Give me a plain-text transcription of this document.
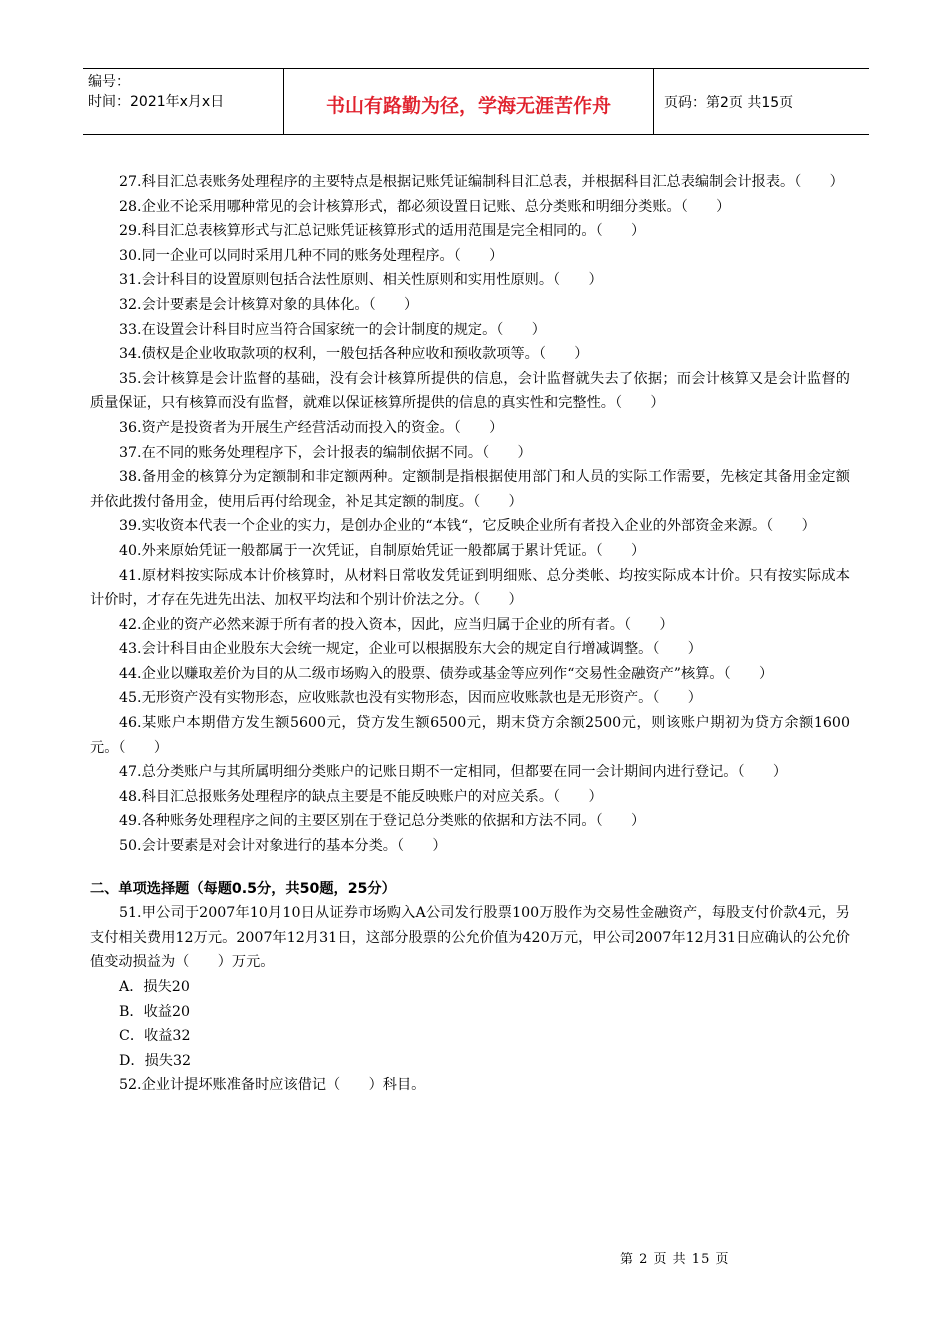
编号：
时间：2021年x月x日	书山有路勤为径，学海无涯苦作舟	页码：第2页 共15页
27.科目汇总表账务处理程序的主要特点是根据记账凭证编制科目汇总表，并根据科目汇总表编制会计报表。（　　）
28.企业不论采用哪种常见的会计核算形式，都必须设置日记账、总分类账和明细分类账。（　　）
29.科目汇总表核算形式与汇总记账凭证核算形式的适用范围是完全相同的。（　　）
30.同一企业可以同时采用几种不同的账务处理程序。（　　）
31.会计科目的设置原则包括合法性原则、相关性原则和实用性原则。（　　）
32.会计要素是会计核算对象的具体化。（　　）
33.在设置会计科目时应当符合国家统一的会计制度的规定。（　　）
34.债权是企业收取款项的权利，一般包括各种应收和预收款项等。（　　）
35.会计核算是会计监督的基础，没有会计核算所提供的信息，会计监督就失去了依据；而会计核算又是会计监督的质量保证，只有核算而没有监督，就难以保证核算所提供的信息的真实性和完整性。（　　）
36.资产是投资者为开展生产经营活动而投入的资金。（　　）
37.在不同的账务处理程序下，会计报表的编制依据不同。（　　）
38.备用金的核算分为定额制和非定额两种。定额制是指根据使用部门和人员的实际工作需要，先核定其备用金定额并依此拨付备用金，使用后再付给现金，补足其定额的制度。（　　）
39.实收资本代表一个企业的实力，是创办企业的“本钱“，它反映企业所有者投入企业的外部资金来源。（　　）
40.外来原始凭证一般都属于一次凭证，自制原始凭证一般都属于累计凭证。（　　）
41.原材料按实际成本计价核算时，从材料日常收发凭证到明细账、总分类帐、均按实际成本计价。只有按实际成本计价时，才存在先进先出法、加权平均法和个别计价法之分。（　　）
42.企业的资产必然来源于所有者的投入资本，因此，应当归属于企业的所有者。（　　）
43.会计科目由企业股东大会统一规定，企业可以根据股东大会的规定自行增减调整。（　　）
44.企业以赚取差价为目的从二级市场购入的股票、债券或基金等应列作“交易性金融资产”核算。（　　）
45.无形资产没有实物形态，应收账款也没有实物形态，因而应收账款也是无形资产。（　　）
46.某账户本期借方发生额5600元，贷方发生额6500元，期末贷方余额2500元，则该账户期初为贷方余额1600元。（　　）
47.总分类账户与其所属明细分类账户的记账日期不一定相同，但都要在同一会计期间内进行登记。（　　）
48.科目汇总报账务处理程序的缺点主要是不能反映账户的对应关系。（　　）
49.各种账务处理程序之间的主要区别在于登记总分类账的依据和方法不同。（　　）
50.会计要素是对会计对象进行的基本分类。（　　）
二、单项选择题（每题0.5分，共50题，25分）
51.甲公司于2007年10月10日从证券市场购入A公司发行股票100万股作为交易性金融资产，每股支付价款4元，另支付相关费用12万元。2007年12月31日，这部分股票的公允价值为420万元，甲公司2007年12月31日应确认的公允价值变动损益为（　　）万元。
A．损失20
B．收益20
C．收益32
D．损失32
52.企业计提坏账准备时应该借记（　　）科目。
第 2 页 共 15 页
